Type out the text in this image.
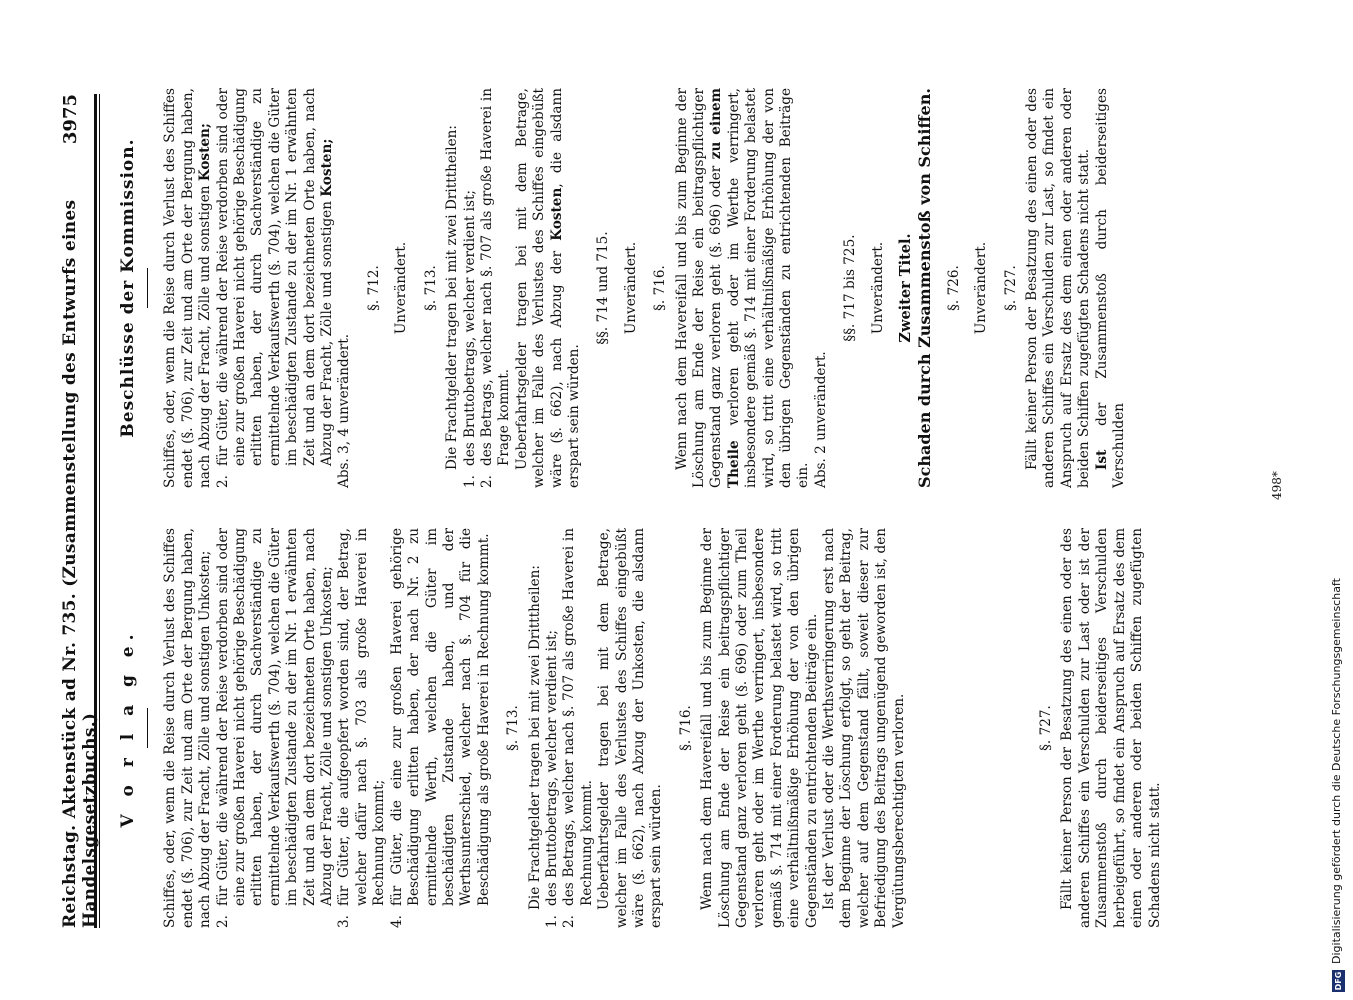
Reichstag. Aktenstück ad Nr. 735. (Zusammenstellung des Entwurfs eines Handelsgesetzbuchs.)
3975
V o r l a g e. Schiffes, oder, wenn die Reise durch Verlust des Schiffes endet (§. 706), zur Zeit und am Orte der Bergung haben, nach Abzug der Fracht, Zölle und sonstigen Unkosten; 2.
für Güter, die während der Reise verdorben sind oder eine zur großen Haverei nicht gehörige Beschädigung erlitten haben, der durch Sachverständige zu ermittelnde Verkaufswerth (§. 704), welchen die Güter im beschädigten Zustande zu der im Nr. 1 erwähnten Zeit und an dem dort bezeichneten Orte haben, nach Abzug der Fracht, Zölle und sonstigen Unkosten;
3.
für Güter, die aufgeopfert worden sind, der Betrag, welcher dafür nach §. 703 als große Haverei in Rechnung kommt;
4.
für Güter, die eine zur großen Haverei gehörige Beschädigung erlitten haben, der nach Nr. 2 zu ermittelnde Werth, welchen die Güter im beschädigten Zustande haben, und der Werthsunterschied, welcher nach §. 704 für die Beschädigung als große Haverei in Rechnung kommt. §. 713. Die Frachtgelder tragen bei mit zwei Dritttheilen:

1.
des Bruttobetrags, welcher verdient ist;
2.
des Betrags, welcher nach §. 707 als große Haverei in Rechnung kommt. Ueberfahrtsgelder tragen bei mit dem Betrage, welcher im Falle des Verlustes des Schiffes eingebüßt wäre (§. 662), nach Abzug der Unkosten, die alsdann erspart sein würden.

§. 716. Wenn nach dem Havereifall und bis zum Beginne der Löschung am Ende der Reise ein beitragspflichtiger Gegenstand ganz verloren geht (§. 696) oder zum Theil verloren geht oder im Werthe verringert, insbesondere gemäß §. 714 mit einer Forderung belastet wird, so tritt eine verhältnißmäßige Erhöhung der von den übrigen Gegenständen zu entrichtenden Beiträge ein. Ist der Verlust oder die Werthsverringerung erst nach dem Beginne der Löschung erfolgt, so geht der Beitrag, welcher auf dem Gegenstand fällt, soweit dieser zur Befriedigung des Beitrags ungenügend geworden ist, den Vergütungsberechtigten verloren.	§. 727. Fällt keiner Person der Besatzung des einen oder des anderen Schiffes ein Verschulden zur Last oder ist der Zusammenstoß durch beiderseitiges Verschulden herbeigeführt, so findet ein Anspruch auf Ersatz des dem einen oder anderen oder beiden Schiffen zugefügten Schadens nicht statt.

Beschlüsse der Kommission. Schiffes, oder, wenn die Reise durch Verlust des Schiffes endet (§. 706), zur Zeit und am Orte der Bergung haben, nach Abzug der Fracht, Zölle und sonstigen Kosten;

2.
für Güter, die während der Reise verdorben sind oder eine zur großen Haverei nicht gehörige Beschädigung erlitten haben, der durch Sachverständige zu ermittelnde Verkaufswerth (§. 704), welchen die Güter im beschädigten Zustande zu der im Nr. 1 erwähnten Zeit und an dem dort bezeichneten Orte haben, nach Abzug der Fracht, Zölle und sonstigen Kosten;

Abs. 3, 4 unverändert.

§. 712. Unverändert. §. 713. Die Frachtgelder tragen bei mit zwei Dritttheilen:

1.
des Bruttobetrags, welcher verdient ist;
2.
des Betrags, welcher nach §. 707 als große Haverei in Frage kommt. Ueberfahrtsgelder tragen bei mit dem Betrage, welcher im Falle des Verlustes des Schiffes eingebüßt wäre (§. 662), nach Abzug der Kosten, die alsdann erspart sein würden.

§§. 714 und 715. Unverändert. §. 716. Wenn nach dem Havereifall und bis zum Beginne der Löschung am Ende der Reise ein beitragspflichtiger Gegenstand ganz verloren geht (§. 696) oder zu einem Theile verloren geht oder im Werthe verringert, insbesondere gemäß §. 714 mit einer Forderung belastet wird, so tritt eine verhältnißmäßige Erhöhung der von den übrigen Gegenständen zu entrichtenden Beiträge ein. Abs. 2 unverändert.

§§. 717 bis 725. Unverändert. Zweiter Titel. Schaden durch Zusammenstoß von Schiffen. §. 726. Unverändert. §. 727. Fällt keiner Person der Besatzung des einen oder des anderen Schiffes ein Verschulden zur Last, so findet ein Anspruch auf Ersatz des dem einen oder anderen oder beiden Schiffen zugefügten Schadens nicht statt. Ist der Zusammenstoß durch beiderseitiges Verschulden	498*
DFG
Digitalisierung gefördert durch die Deutsche Forschungsgemeinschaft
